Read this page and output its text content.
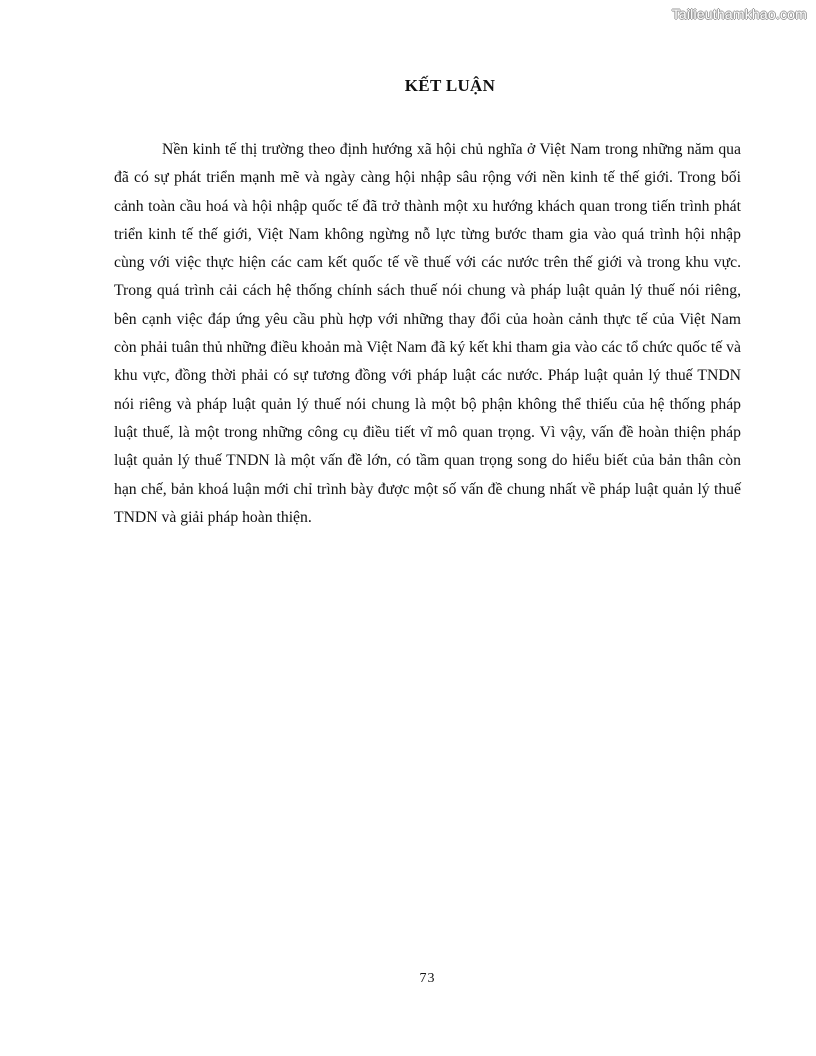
Tailieuthamkhao.com
KẾT LUẬN

Nền kinh tế thị trường theo định hướng xã hội chủ nghĩa ở Việt Nam trong những năm qua đã có sự phát triển mạnh mẽ và ngày càng hội nhập sâu rộng với nền kinh tế thế giới. Trong bối cảnh toàn cầu hoá và hội nhập quốc tế đã trở thành một xu hướng khách quan trong tiến trình phát triển kinh tế thế giới, Việt Nam không ngừng nỗ lực từng bước tham gia vào quá trình hội nhập cùng với việc thực hiện các cam kết quốc tế về thuế với các nước trên thế giới và trong khu vực. Trong quá trình cải cách hệ thống chính sách thuế nói chung và pháp luật quản lý thuế nói riêng, bên cạnh việc đáp ứng yêu cầu phù hợp với những thay đổi của hoàn cảnh thực tế của Việt Nam còn phải tuân thủ những điều khoản mà Việt Nam đã ký kết khi tham gia vào các tổ chức quốc tế và khu vực, đồng thời phải có sự tương đồng với pháp luật các nước. Pháp luật quản lý thuế TNDN nói riêng và pháp luật quản lý thuế nói chung là một bộ phận không thể thiếu của hệ thống pháp luật thuế, là một trong những công cụ điều tiết vĩ mô quan trọng. Vì vậy, vấn đề hoàn thiện pháp luật quản lý thuế TNDN là một vấn đề lớn, có tầm quan trọng song do hiểu biết của bản thân còn hạn chế, bản khoá luận mới chỉ trình bày được một số vấn đề chung nhất về pháp luật quản lý thuế TNDN và giải pháp hoàn thiện.

73
